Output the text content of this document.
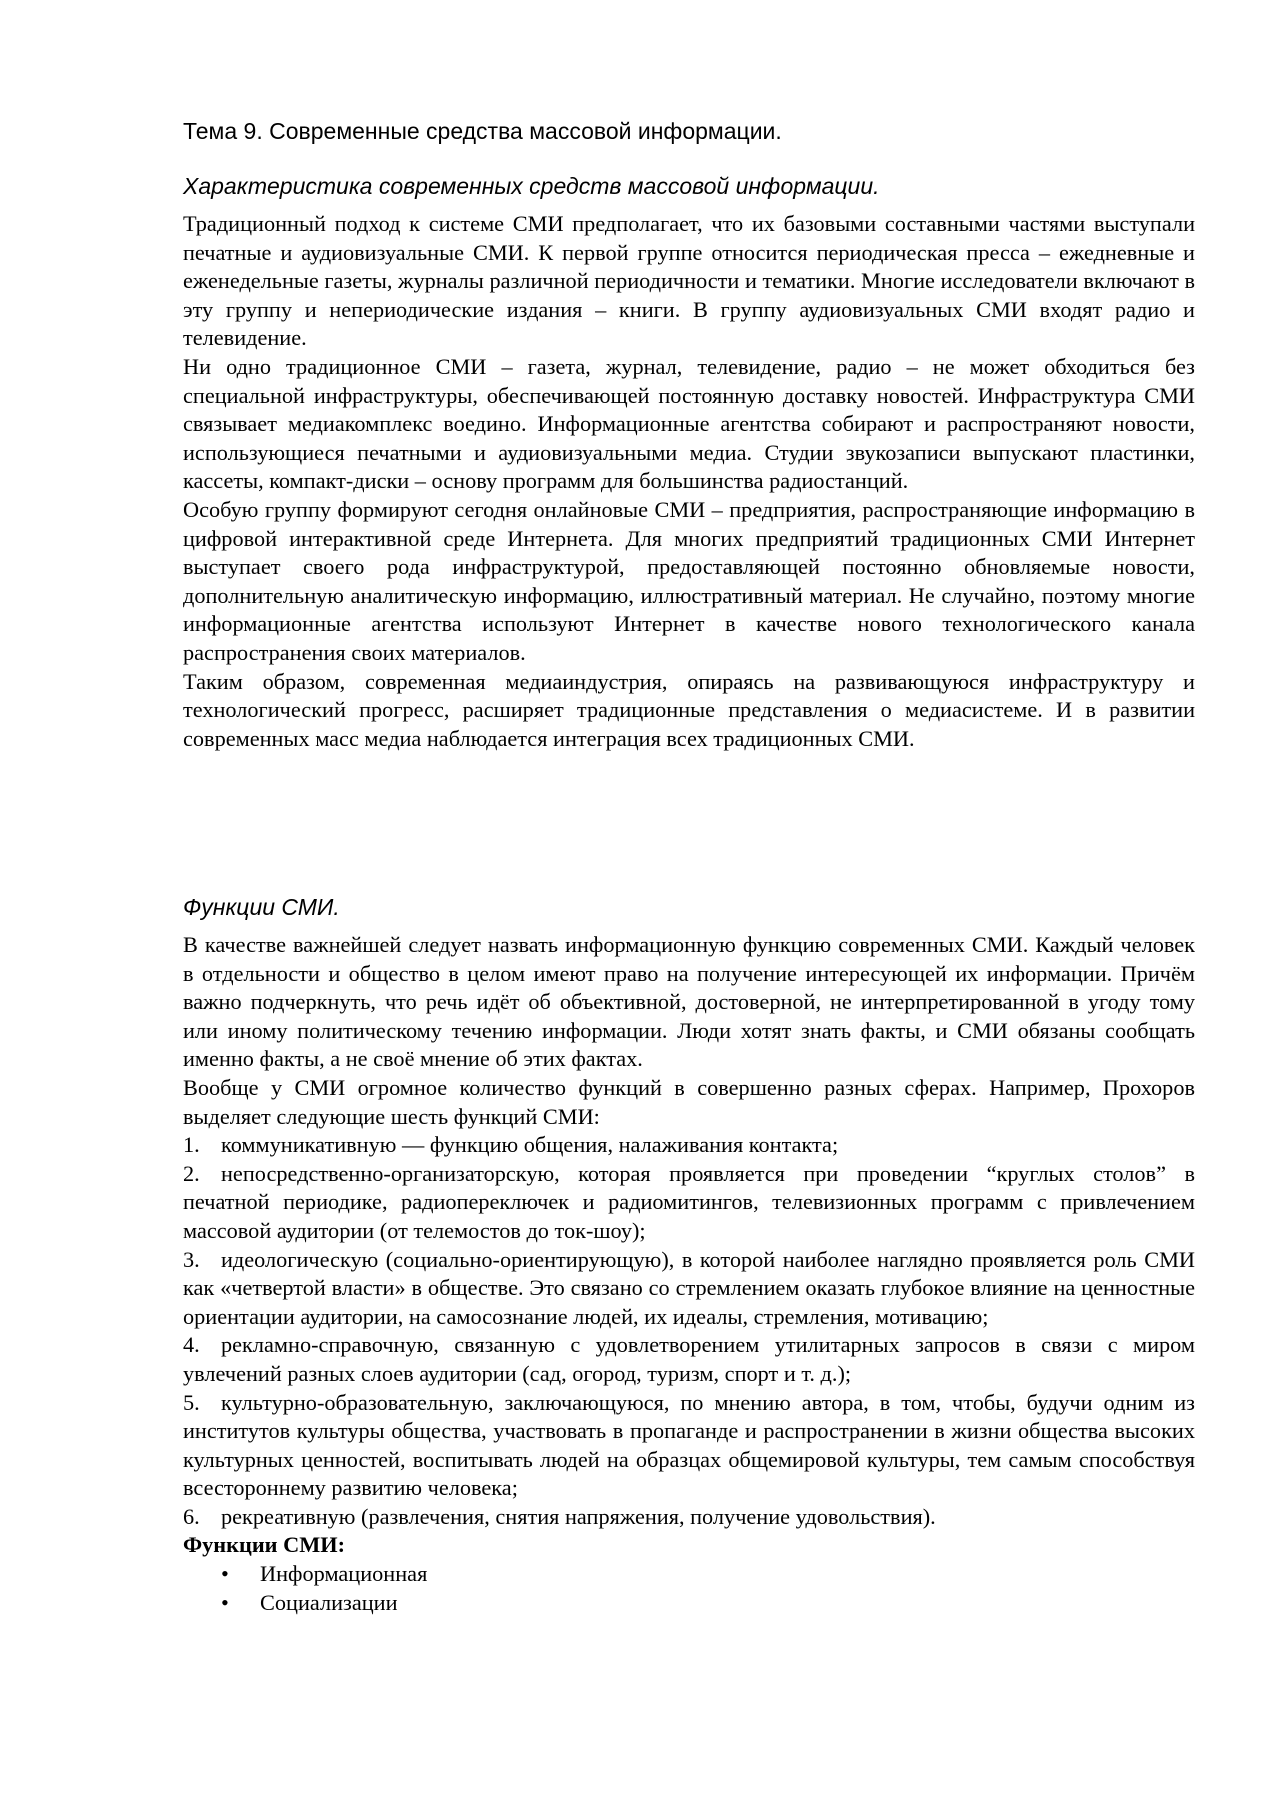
Тема 9. Современные средства массовой информации.
Характеристика современных средств массовой информации.

Традиционный подход к системе СМИ предполагает, что их базовыми составными частями выступали печатные и аудиовизуальные СМИ. К первой группе относится периодическая пресса – ежедневные и еженедельные газеты, журналы различной периодичности и тематики. Многие исследователи включают в эту группу и непериодические издания – книги. В группу аудиовизуальных СМИ входят радио и телевидение.

Ни одно традиционное СМИ – газета, журнал, телевидение, радио – не может обходиться без специальной инфраструктуры, обеспечивающей постоянную доставку новостей. Инфраструктура СМИ связывает медиакомплекс воедино. Информационные агентства собирают и распространяют новости, использующиеся печатными и аудиовизуальными медиа. Студии звукозаписи выпускают пластинки, кассеты, компакт-диски – основу программ для большинства радиостанций.

Особую группу формируют сегодня онлайновые СМИ – предприятия, распространяющие информацию в цифровой интерактивной среде Интернета. Для многих предприятий традиционных СМИ Интернет выступает своего рода инфраструктурой, предоставляющей постоянно обновляемые новости, дополнительную аналитическую информацию, иллюстративный материал. Не случайно, поэтому многие информационные агентства используют Интернет в качестве нового технологического канала распространения своих материалов.

Таким образом, современная медиаиндустрия, опираясь на развивающуюся инфраструктуру и технологический прогресс, расширяет традиционные представления о медиасистеме. И в развитии современных масс медиа наблюдается интеграция всех традиционных СМИ.

Функции СМИ.

В качестве важнейшей следует назвать информационную функцию современных СМИ. Каждый человек в отдельности и общество в целом имеют право на получение интересующей их информации. Причём важно подчеркнуть, что речь идёт об объективной, достоверной, не интерпретированной в угоду тому или иному политическому течению информации. Люди хотят знать факты, и СМИ обязаны сообщать именно факты, а не своё мнение об этих фактах.

Вообще у СМИ огромное количество функций в совершенно разных сферах. Например, Прохоров выделяет следующие шесть функций СМИ:

1. коммуникативную — функцию общения, налаживания контакта;

2. непосредственно-организаторскую, которая проявляется при проведении “круглых столов” в печатной периодике, радиопереключек и радиомитингов, телевизионных программ с привлечением массовой аудитории (от телемостов до ток-шоу);

3. идеологическую (социально-ориентирующую), в которой наиболее наглядно проявляется роль СМИ как «четвертой власти» в обществе. Это связано со стремлением оказать глубокое влияние на ценностные ориентации аудитории, на самосознание людей, их идеалы, стремления, мотивацию;

4. рекламно-справочную, связанную с удовлетворением утилитарных запросов в связи с миром увлечений разных слоев аудитории (сад, огород, туризм, спорт и т. д.);

5. культурно-образовательную, заключающуюся, по мнению автора, в том, чтобы, будучи одним из институтов культуры общества, участвовать в пропаганде и распространении в жизни общества высоких культурных ценностей, воспитывать людей на образцах общемировой культуры, тем самым способствуя всестороннему развитию человека;

6. рекреативную (развлечения, снятия напряжения, получение удовольствия).

Функции СМИ:

• Информационная
• Социализации
